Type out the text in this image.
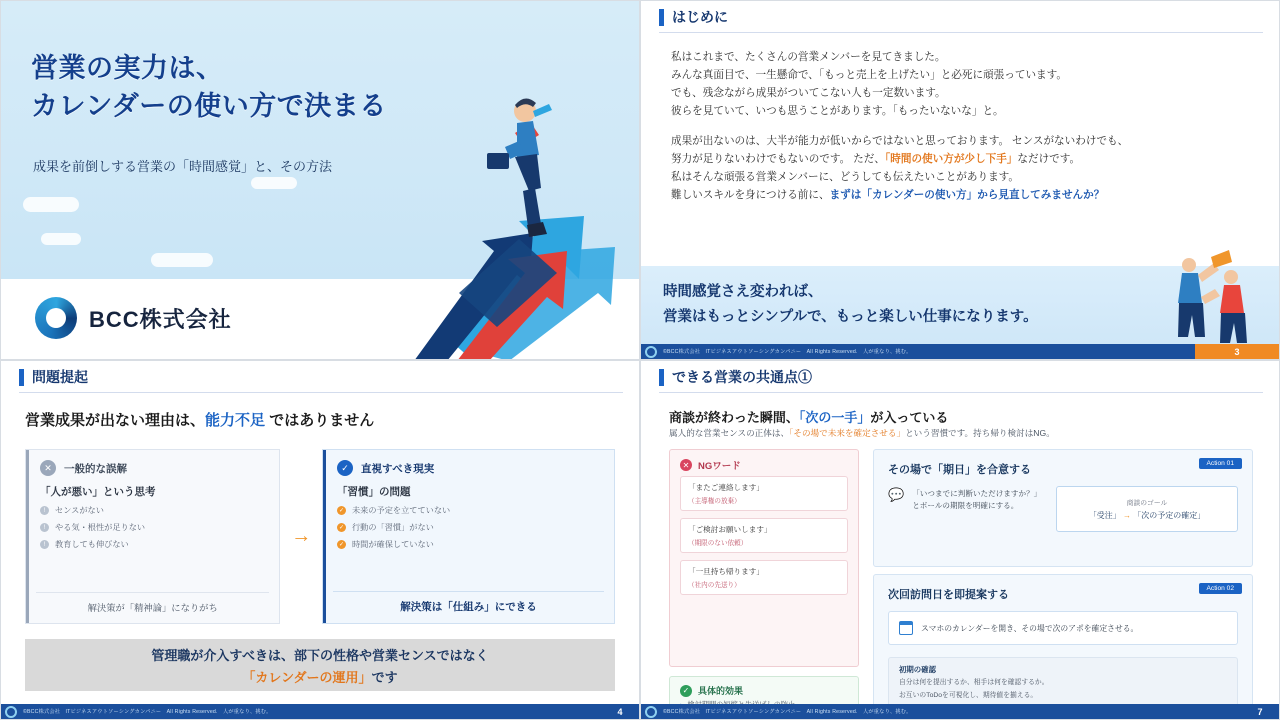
営業の実力は、
カレンダーの使い方で決まる
成果を前倒しする営業の「時間感覚」と、その方法
BCC株式会社
はじめに

私はこれまで、たくさんの営業メンバーを見てきました。

みんな真面目で、一生懸命で、「もっと売上を上げたい」と必死に頑張っています。

でも、残念ながら成果がついてこない人も一定数います。

彼らを見ていて、いつも思うことがあります。「もったいないな」と。

成果が出ないのは、大半が能力が低いからではないと思っております。 センスがないわけでも、

努力が足りないわけでもないのです。 ただ、「時間の使い方が少し下手」なだけです。

私はそんな頑張る営業メンバーに、どうしても伝えたいことがあります。

難しいスキルを身につける前に、まずは「カレンダーの使い方」から見直してみませんか？

時間感覚さえ変われば、
営業はもっとシンプルで、もっと楽しい仕事になります。
©BCC株式会社　ITビジネスアウトソーシングカンパニー　All Rights Reserved.　人が重なり、挑む。	3
問題提起
営業成果が出ない理由は、能力不足 ではありません
✕	一般的な誤解
「人が悪い」という思考
!	センスがない
!	やる気・根性が足りない
!	教育しても伸びない
解決策が「精神論」になりがち
→
✓	直視すべき現実
「習慣」の問題
✓ 未来の予定を立てていない
✓ 行動の「習慣」がない
✓ 時間が確保していない
解決策は「仕組み」にできる
管理職が介入すべきは、部下の性格や営業センスではなく
「カレンダーの運用」です
©BCC株式会社　ITビジネスアウトソーシングカンパニー　All Rights Reserved.　人が重なり、挑む。	4
できる営業の共通点①
商談が終わった瞬間、「次の一手」が入っている
属人的な営業センスの正体は、「その場で未来を確定させる」という習慣です。持ち帰り検討はNG。
✕ NGワード
「またご連絡します」
（主導権の放棄）
「ご検討お願いします」
（期限のない依頼）
「一旦持ち帰ります」
（社内の先送り）
✓ 具体的効果
その場で「期日」を合意する
Action 01
💬 「いつまでに判断いただけますか？」
とボールの期限を明確にする。	商談のゴール
「受注」 → 「次の予定の確定」
次回訪問日を即提案する
Action 02
スマホのカレンダーを開き、その場で次のアポを確定させる。
初期の確認
自分は何を提出するか、相手は何を確認するか。
お互いのToDoを可視化し、期待値を揃える。
©BCC株式会社　ITビジネスアウトソーシングカンパニー　All Rights Reserved.　人が重なり、挑む。	7
